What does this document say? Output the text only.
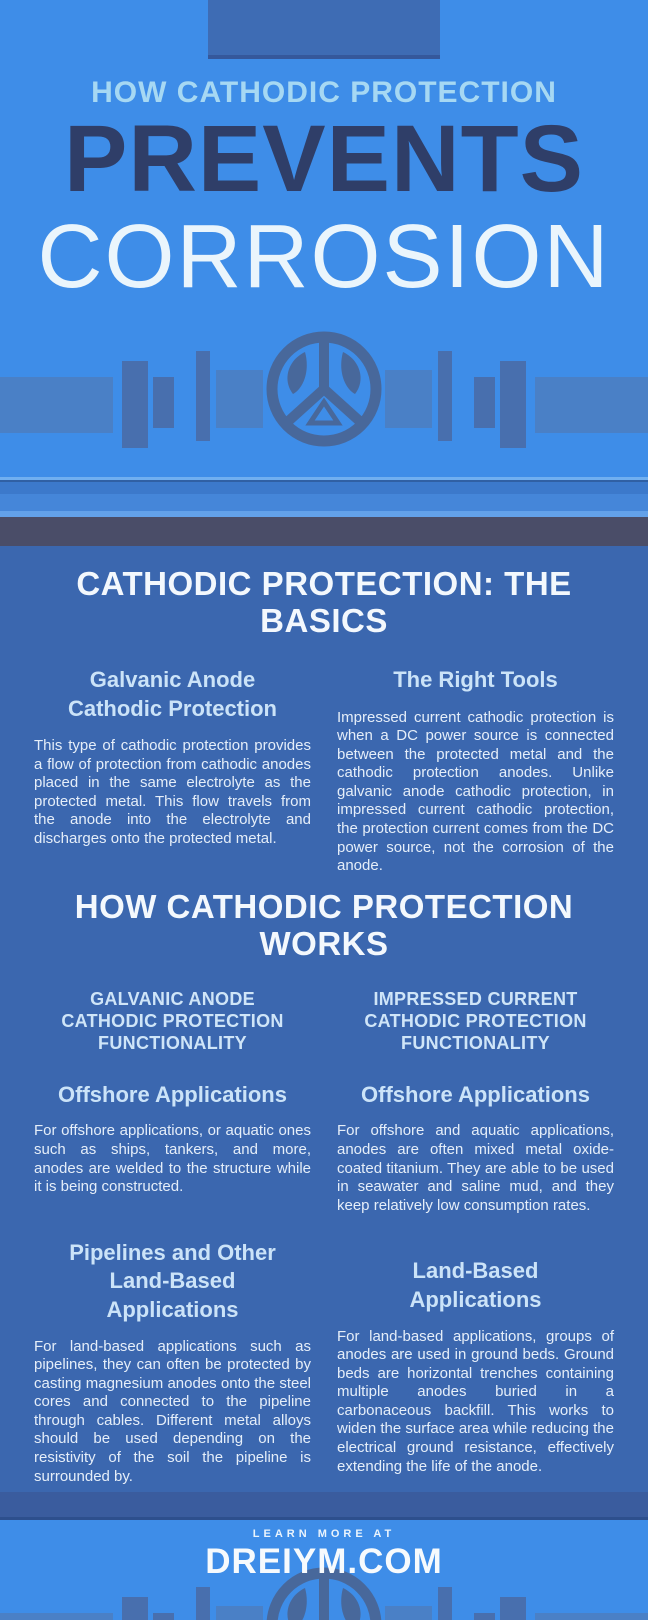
HOW CATHODIC PROTECTION
PREVENTS
CORROSION
CATHODIC PROTECTION: THE BASICS
Galvanic Anode Cathodic Protection

This type of cathodic protection provides a flow of protection from cathodic anodes placed in the same electrolyte as the protected metal. This flow travels from the anode into the electrolyte and discharges onto the protected metal.

The Right Tools

Impressed current cathodic protection is when a DC power source is connected between the protected metal and the cathodic protection anodes. Unlike galvanic anode cathodic protection, in impressed current cathodic protection, the protection current comes from the DC power source, not the corrosion of the anode.

HOW CATHODIC PROTECTION WORKS
GALVANIC ANODE CATHODIC PROTECTION FUNCTIONALITY
Offshore Applications

For offshore applications, or aquatic ones such as ships, tankers, and more, anodes are welded to the structure while it is being constructed.

Pipelines and Other Land-Based Applications

For land-based applications such as pipelines, they can often be protected by casting magnesium anodes onto the steel cores and connected to the pipeline through cables. Different metal alloys should be used depending on the resistivity of the soil the pipeline is surrounded by.

IMPRESSED CURRENT CATHODIC PROTECTION FUNCTIONALITY
Offshore Applications

For offshore and aquatic applications, anodes are often mixed metal oxide-coated titanium. They are able to be used in seawater and saline mud, and they keep relatively low consumption rates.

Land-Based Applications

For land-based applications, groups of anodes are used in ground beds. Ground beds are horizontal trenches containing multiple anodes buried in a carbonaceous backfill. This works to widen the surface area while reducing the electrical ground resistance, effectively extending the life of the anode.

LEARN MORE AT
DREIYM.COM
